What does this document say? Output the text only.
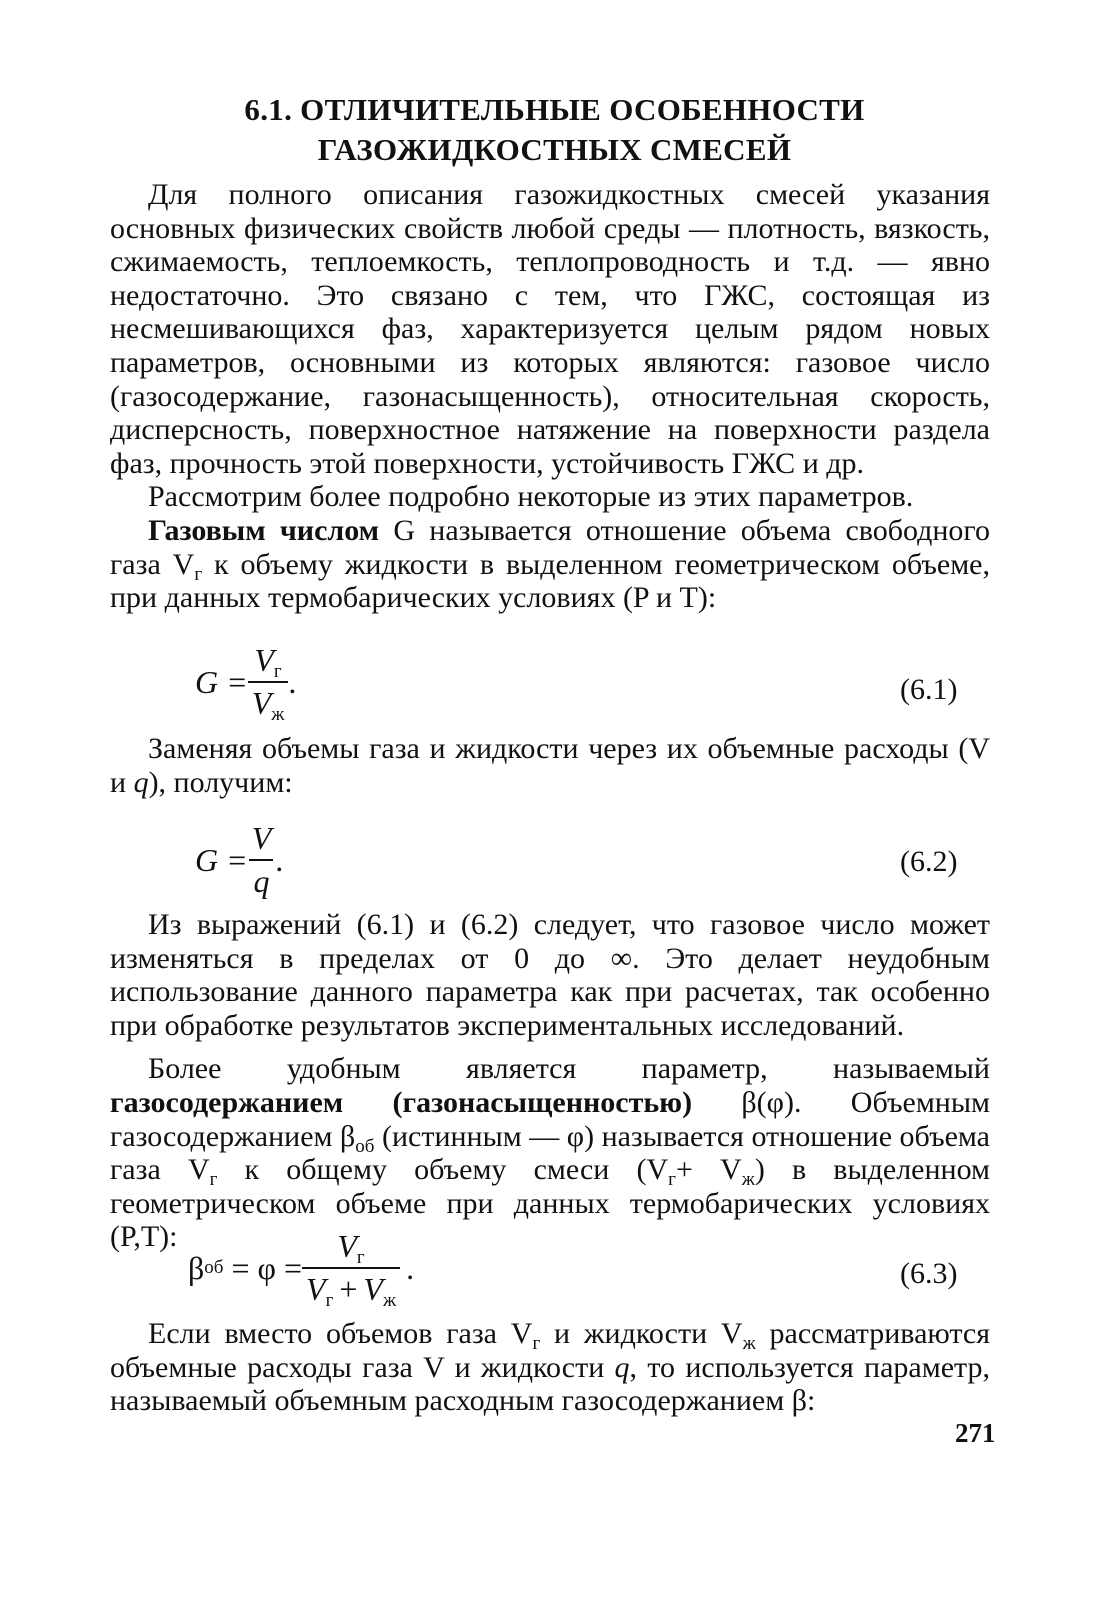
6.1. ОТЛИЧИТЕЛЬНЫЕ ОСОБЕННОСТИ
ГАЗОЖИДКОСТНЫХ СМЕСЕЙ

Для полного описания газожидкостных смесей указания основных физических свойств любой среды — плотность, вязкость, сжимаемость, теплоемкость, теплопроводность и т.д. — явно недостаточно. Это связано с тем, что ГЖС, состоящая из несмешивающихся фаз, характеризуется целым рядом новых параметров, основными из которых являются: газовое число (газосодержание, газонасыщенность), относительная скорость, дисперсность, поверхностное натяжение на поверхности раздела фаз, прочность этой поверхности, устойчивость ГЖС и др.

Рассмотрим более подробно некоторые из этих параметров.

Газовым числом G называется отношение объема свободного газа $V_г$ к объему жидкости в выделенном геометрическом объеме, при данных термобарических условиях (P и T):

$G = \frac{V_г}{V_ж}$ .	(6.1)

Заменяя объемы газа и жидкости через их объемные расходы (V и q), получим:

$G = \frac{V}{q}$ .	(6.2)

Из выражений (6.1) и (6.2) следует, что газовое число может изменяться в пределах от 0 до ∞. Это делает неудобным использование данного параметра как при расчетах, так особенно при обработке результатов экспериментальных исследований.

Более удобным является параметр, называемый газосодержанием (газонасыщенностью) β(φ). Объемным газосодержанием $\beta_{об}$ (истинным — φ) называется отношение объема газа $V_г$ к общему объему смеси $(V_г+ V_ж)$ в выделенном геометрическом объеме при данных термобарических условиях (P,T):

β об = $\varphi = \frac{V_г}{V_г + V_ж}$ .	(6.3)

Если вместо объемов газа $V_г$ и жидкости $V_ж$ рассматриваются объемные расходы газа V и жидкости q, то используется параметр, называемый объемным расходным газосодержанием β:

271
